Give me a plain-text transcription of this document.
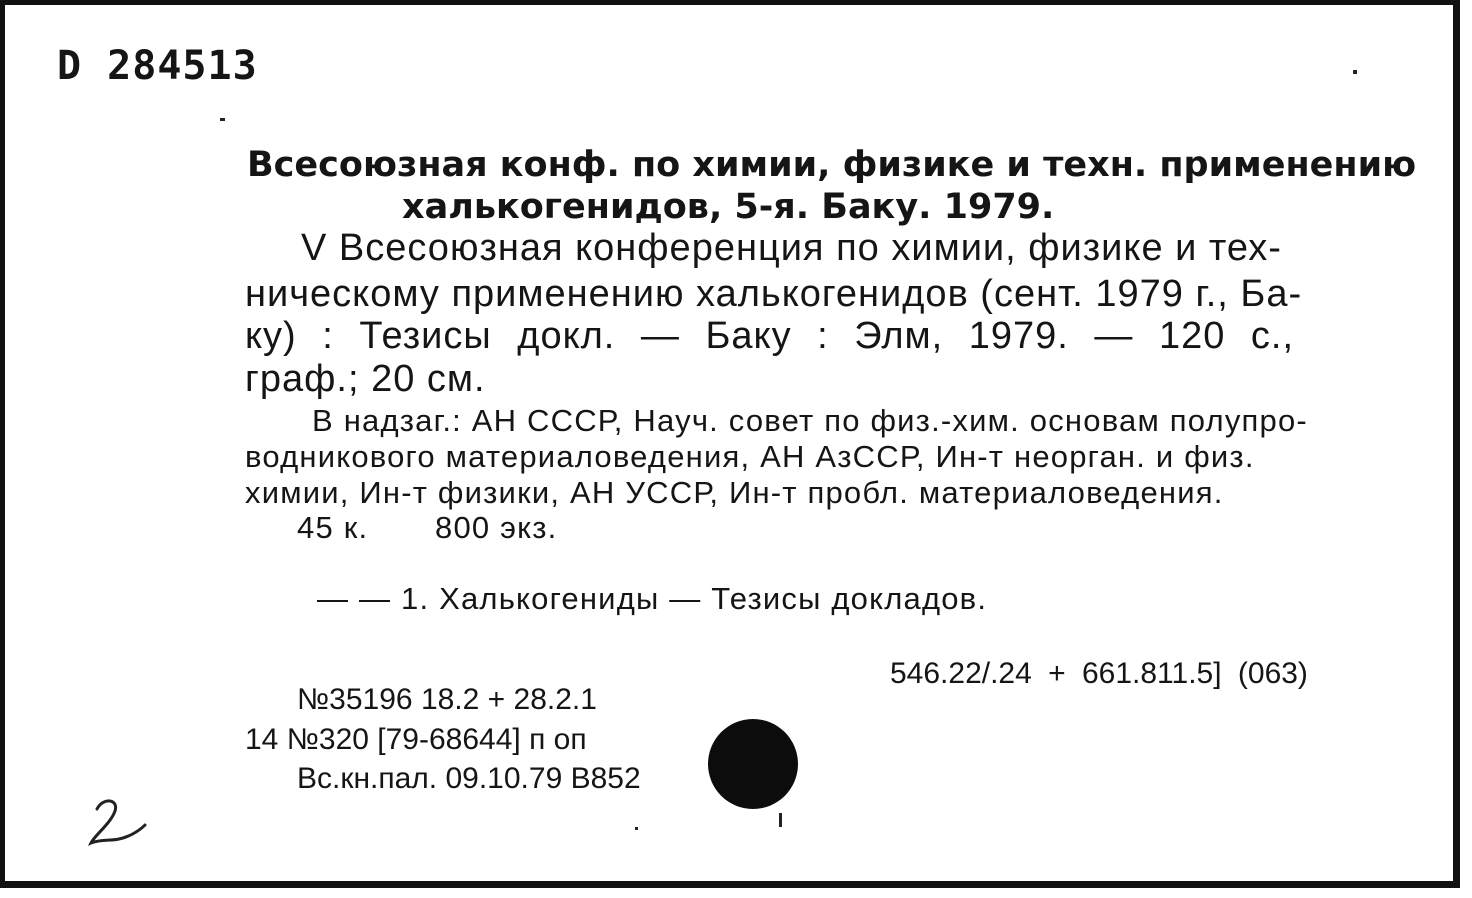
D 284513
Всесоюзная конф. по химии, физике и техн. применению
халькогенидов, 5-я. Баку. 1979.
V Всесоюзная конференция по химии, физике и тех-
ническому применению халькогенидов (сент. 1979 г., Ба-
ку) : Тезисы докл. — Баку : Элм, 1979. — 120 с.,
граф.; 20 см.
В надзаг.: АН СССР, Науч. совет по физ.-хим. основам полупро-
водникового материаловедения, АН АзССР, Ин-т неорган. и физ.
химии, Ин-т физики, АН УССР, Ин-т пробл. материаловедения.
45 к. 800 экз.
— — 1. Халькогениды — Тезисы докладов.
546.22/.24 + 661.811.5] (063)
№35196 18.2 + 28.2.1
14 №320 [79-68644] п оп
Вс.кн.пал. 09.10.79 В852
